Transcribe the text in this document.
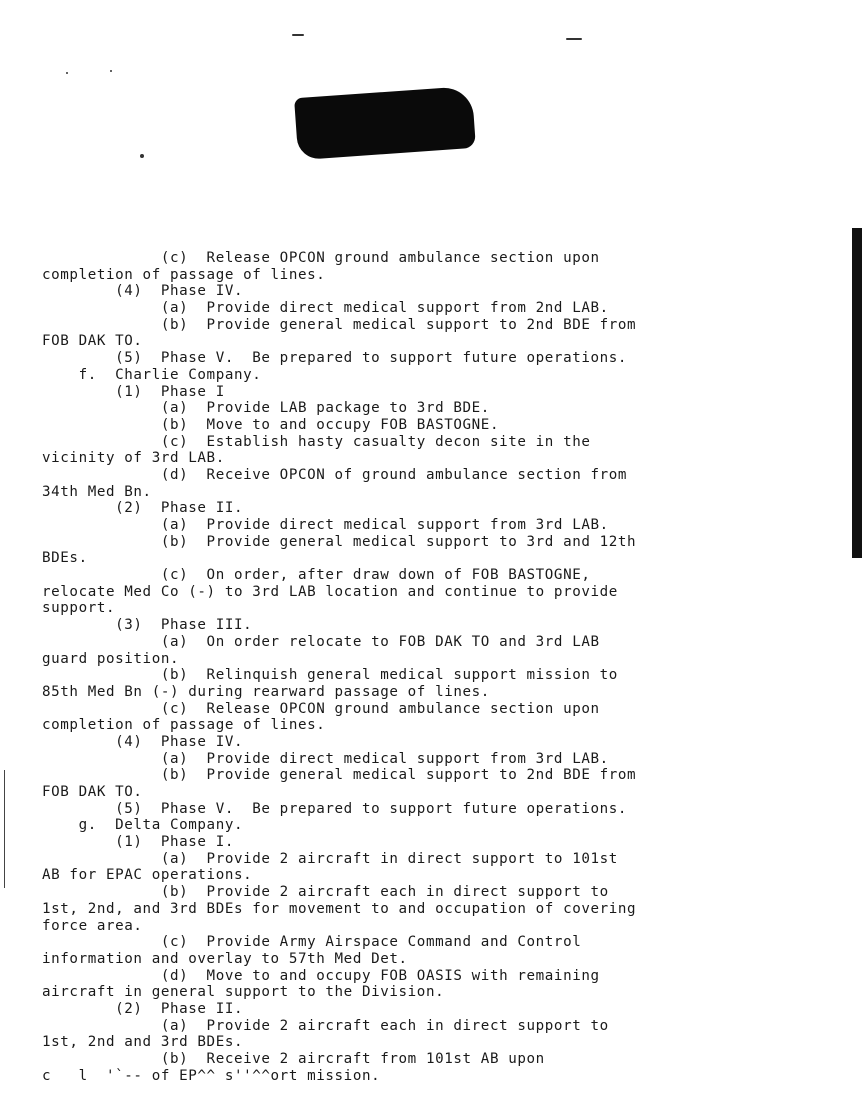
(c)  Release OPCON ground ambulance section upon
completion of passage of lines.
(4)  Phase IV.
(a)  Provide direct medical support from 2nd LAB.
(b)  Provide general medical support to 2nd BDE from
FOB DAK TO.
(5)  Phase V.  Be prepared to support future operations.
f.  Charlie Company.
(1)  Phase I
(a)  Provide LAB package to 3rd BDE.
(b)  Move to and occupy FOB BASTOGNE.
(c)  Establish hasty casualty decon site in the
vicinity of 3rd LAB.
(d)  Receive OPCON of ground ambulance section from
34th Med Bn.
(2)  Phase II.
(a)  Provide direct medical support from 3rd LAB.
(b)  Provide general medical support to 3rd and 12th
BDEs.
(c)  On order, after draw down of FOB BASTOGNE,
relocate Med Co (-) to 3rd LAB location and continue to provide
support.
(3)  Phase III.
(a)  On order relocate to FOB DAK TO and 3rd LAB
guard position.
(b)  Relinquish general medical support mission to
85th Med Bn (-) during rearward passage of lines.
(c)  Release OPCON ground ambulance section upon
completion of passage of lines.
(4)  Phase IV.
(a)  Provide direct medical support from 3rd LAB.
(b)  Provide general medical support to 2nd BDE from
FOB DAK TO.
(5)  Phase V.  Be prepared to support future operations.
g.  Delta Company.
(1)  Phase I.
(a)  Provide 2 aircraft in direct support to 101st
AB for EPAC operations.
(b)  Provide 2 aircraft each in direct support to
1st, 2nd, and 3rd BDEs for movement to and occupation of covering
force area.
(c)  Provide Army Airspace Command and Control
information and overlay to 57th Med Det.
(d)  Move to and occupy FOB OASIS with remaining
aircraft in general support to the Division.
(2)  Phase II.
(a)  Provide 2 aircraft each in direct support to
1st, 2nd and 3rd BDEs.
(b)  Receive 2 aircraft from 101st AB upon
c   l  '`-- of EP^^ s''^^ort mission.
